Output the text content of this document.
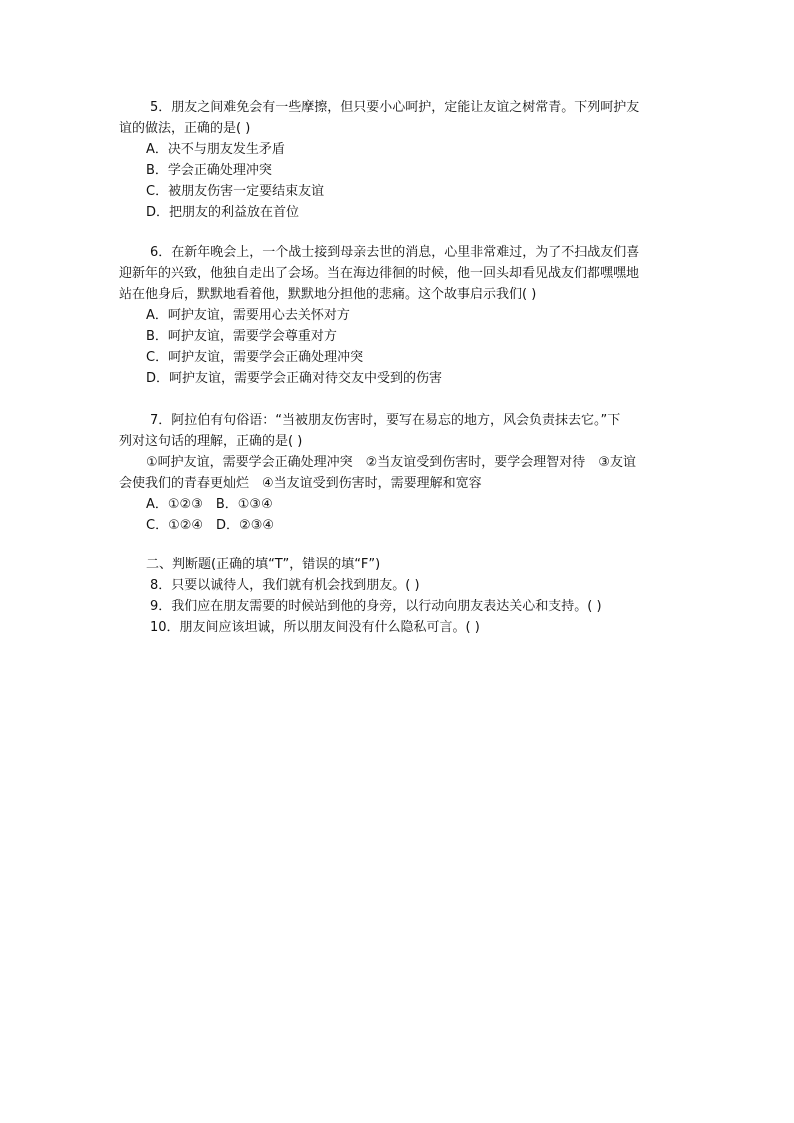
5．朋友之间难免会有一些摩擦，但只要小心呵护，定能让友谊之树常青。下列呵护友
谊的做法，正确的是( )
A．决不与朋友发生矛盾
B．学会正确处理冲突
C．被朋友伤害一定要结束友谊
D．把朋友的利益放在首位
6．在新年晚会上，一个战士接到母亲去世的消息，心里非常难过，为了不扫战友们喜
迎新年的兴致，他独自走出了会场。当在海边徘徊的时候，他一回头却看见战友们都嘿嘿地
站在他身后，默默地看着他，默默地分担他的悲痛。这个故事启示我们( )
A．呵护友谊，需要用心去关怀对方
B．呵护友谊，需要学会尊重对方
C．呵护友谊，需要学会正确处理冲突
D．呵护友谊，需要学会正确对待交友中受到的伤害
7．阿拉伯有句俗语：“当被朋友伤害时，要写在易忘的地方，风会负责抹去它。”下
列对这句话的理解，正确的是( )
①呵护友谊，需要学会正确处理冲突　②当友谊受到伤害时，要学会理智对待　③友谊
会使我们的青春更灿烂　④当友谊受到伤害时，需要理解和宽容
A．①②③　B．①③④
C．①②④　D．②③④
二、判断题(正确的填“T”，错误的填“F”)
8．只要以诚待人，我们就有机会找到朋友。( )
9．我们应在朋友需要的时候站到他的身旁，以行动向朋友表达关心和支持。( )
10．朋友间应该坦诚，所以朋友间没有什么隐私可言。( )
